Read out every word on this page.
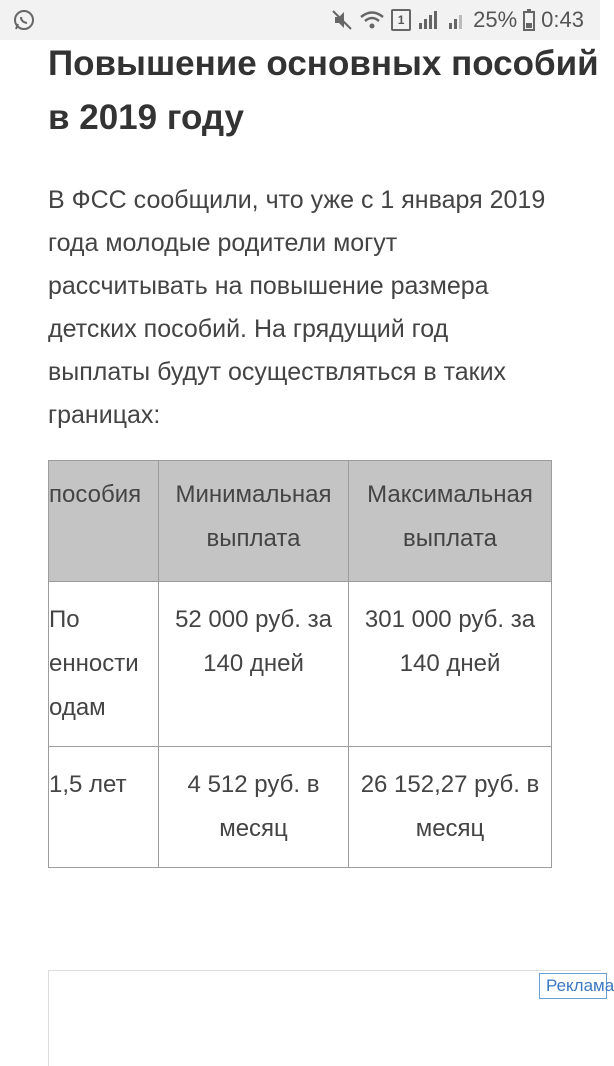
1	25% 0:43
Повышение основных пособий в 2019 году

В ФСС сообщили, что уже с 1 января 2019 года молодые родители могут рассчитывать на повышение размера детских пособий. На грядущий год выплаты будут осуществляться в таких границах:

пособия	Минимальная выплата	Максимальная выплата
По
енности
одам	52 000 руб. за 140 дней	301 000 руб. за 140 дней
1,5 лет	4 512 руб. в месяц	26 152,27 руб. в месяц
Реклама
